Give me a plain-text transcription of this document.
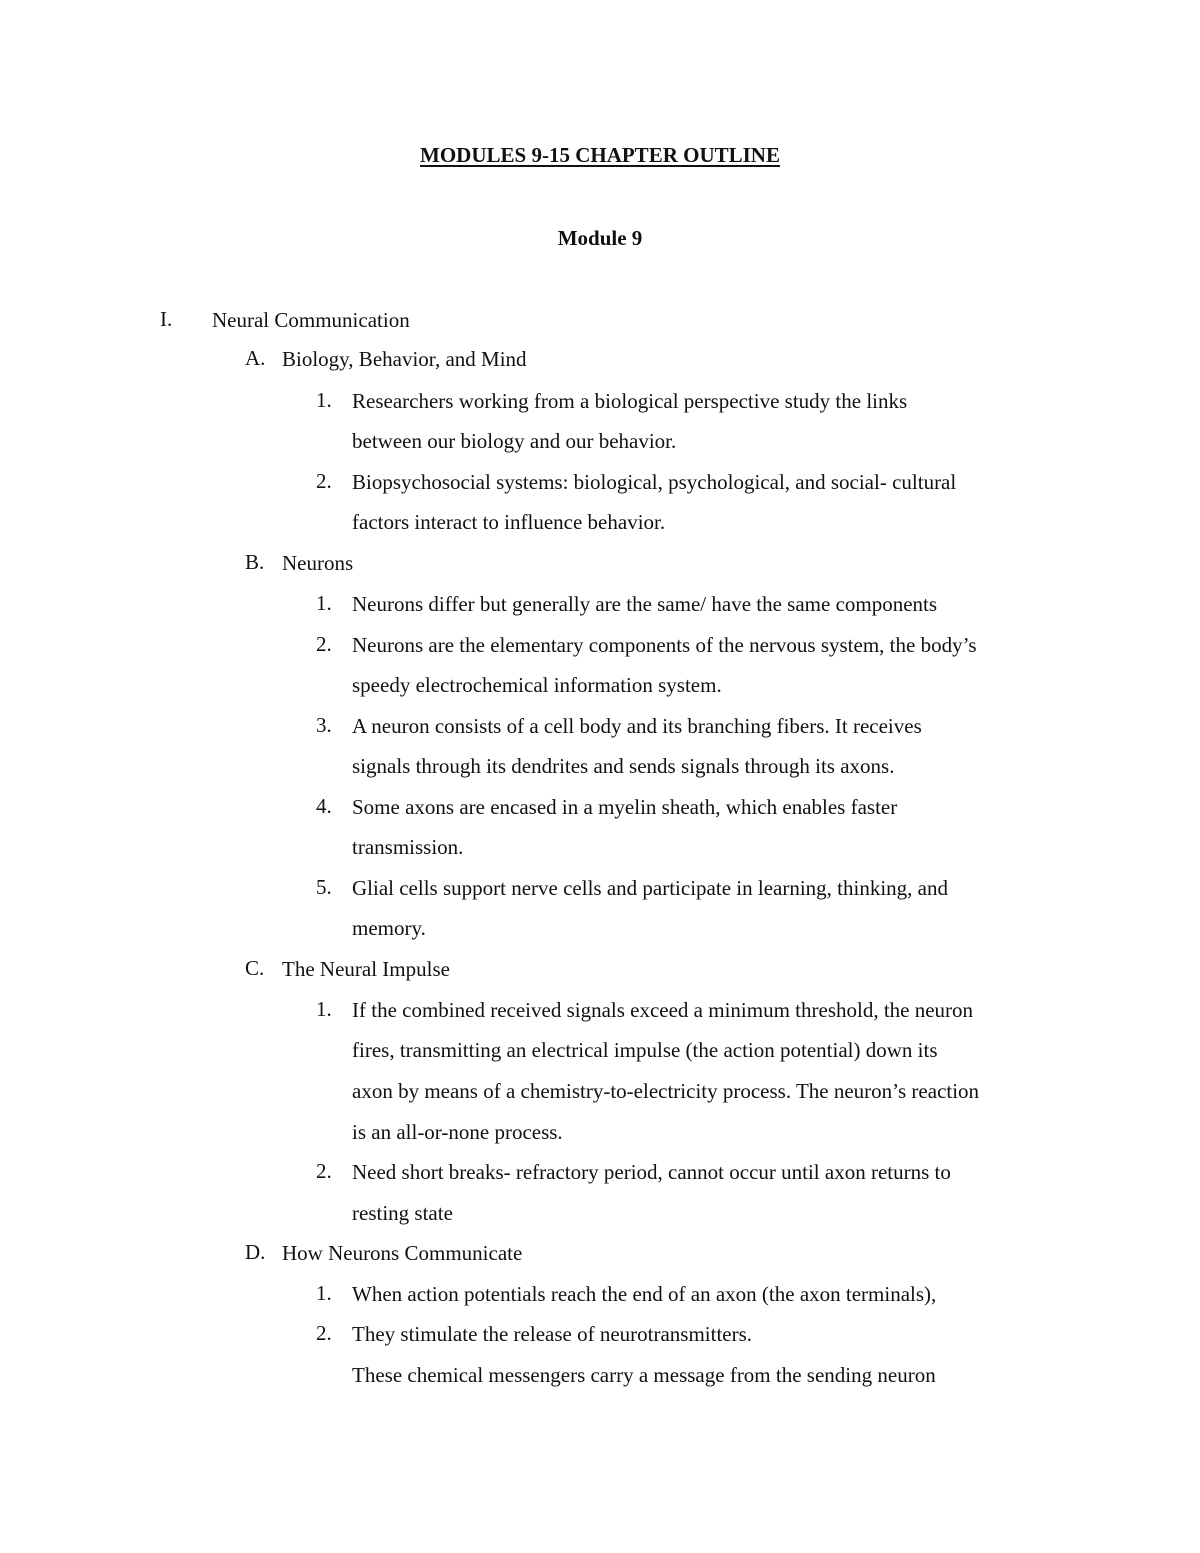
MODULES 9-15 CHAPTER OUTLINE
Module 9
I. Neural Communication
A. Biology, Behavior, and Mind
1. Researchers working from a biological perspective study the links
between our biology and our behavior.
2. Biopsychosocial systems: biological, psychological, and social- cultural
factors interact to influence behavior.
B. Neurons
1. Neurons differ but generally are the same/ have the same components
2. Neurons are the elementary components of the nervous system, the body’s
speedy electrochemical information system.
3. A neuron consists of a cell body and its branching fibers. It receives
signals through its dendrites and sends signals through its axons.
4. Some axons are encased in a myelin sheath, which enables faster
transmission.
5. Glial cells support nerve cells and participate in learning, thinking, and
memory.
C. The Neural Impulse
1. If the combined received signals exceed a minimum threshold, the neuron
fires, transmitting an electrical impulse (the action potential) down its
axon by means of a chemistry-to-electricity process. The neuron’s reaction
is an all-or-none process.
2. Need short breaks- refractory period, cannot occur until axon returns to
resting state
D. How Neurons Communicate
1. When action potentials reach the end of an axon (the axon terminals),
2. They stimulate the release of neurotransmitters.
These chemical messengers carry a message from the sending neuron
